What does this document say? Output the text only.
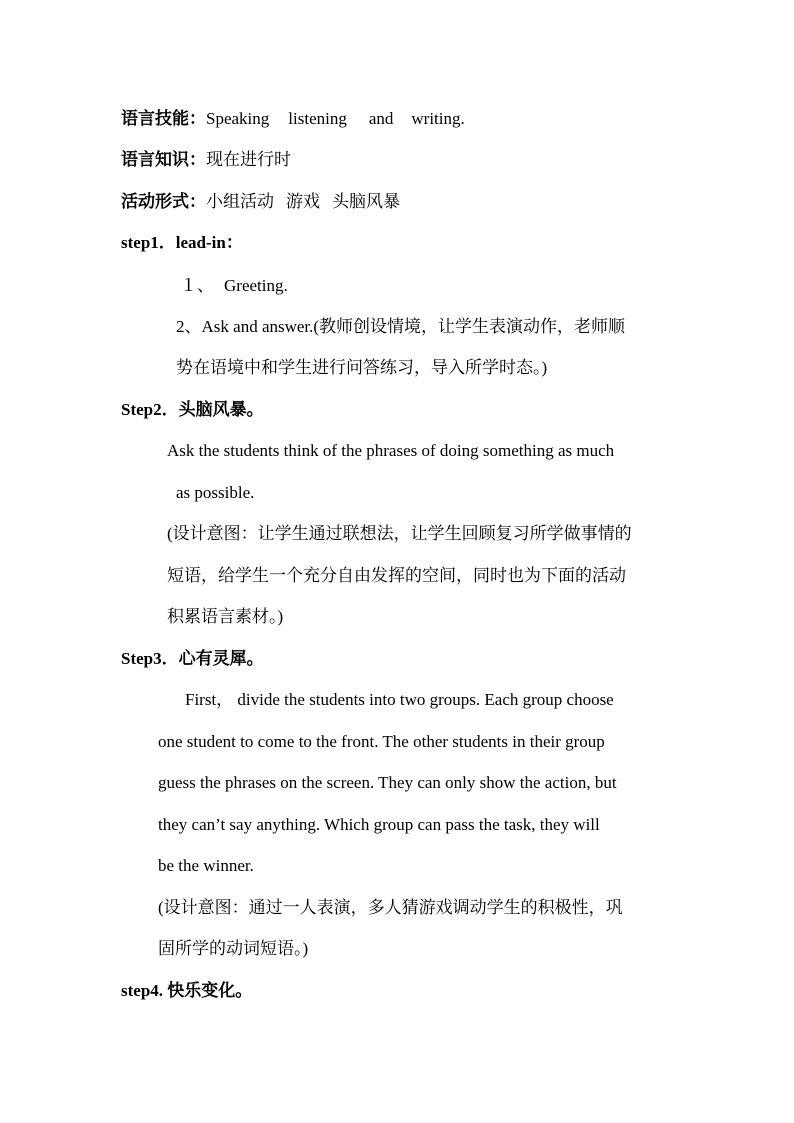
语言技能：Speaking listening and writing.
语言知识：现在进行时
活动形式：小组活动 游戏 头脑风暴
step1．lead-in：
１、 Greeting.
2、Ask and answer.(教师创设情境，让学生表演动作，老师顺
势在语境中和学生进行问答练习，导入所学时态。)
Step2．头脑风暴。
Ask the students think of the phrases of doing something as much
as possible.
(设计意图：让学生通过联想法，让学生回顾复习所学做事情的
短语，给学生一个充分自由发挥的空间，同时也为下面的活动
积累语言素材。)
Step3．心有灵犀。
First， divide the students into two groups. Each group choose
one student to come to the front. The other students in their group
guess the phrases on the screen. They can only show the action, but
they can’t say anything. Which group can pass the task, they will
be the winner.
(设计意图：通过一人表演，多人猜游戏调动学生的积极性，巩
固所学的动词短语。)
step4. 快乐变化。
